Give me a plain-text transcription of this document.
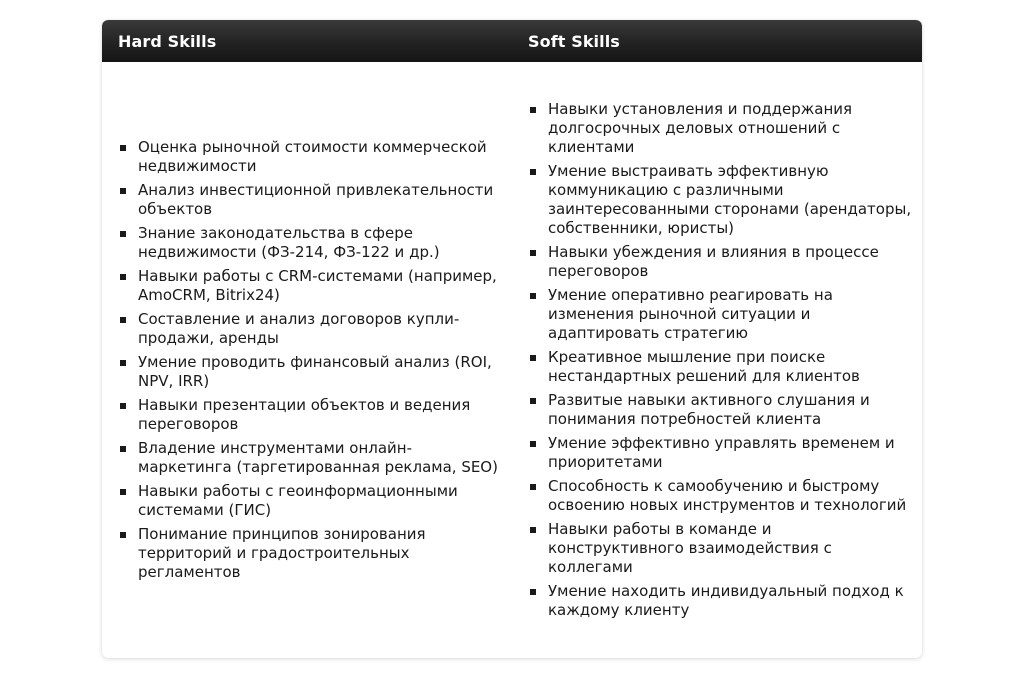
Hard Skills	Soft Skills
Оценка рыночной стоимости коммерческой недвижимости
Анализ инвестиционной привлекательности объектов
Знание законодательства в сфере недвижимости (ФЗ-214, ФЗ-122 и др.)
Навыки работы с CRM-системами (например, AmoCRM, Bitrix24)
Составление и анализ договоров купли-продажи, аренды
Умение проводить финансовый анализ (ROI, NPV, IRR)
Навыки презентации объектов и ведения переговоров
Владение инструментами онлайн-маркетинга (таргетированная реклама, SEO)
Навыки работы с геоинформационными системами (ГИС)
Понимание принципов зонирования территорий и градостроительных регламентов
Навыки установления и поддержания долгосрочных деловых отношений с клиентами
Умение выстраивать эффективную коммуникацию с различными заинтересованными сторонами (арендаторы, собственники, юристы)
Навыки убеждения и влияния в процессе переговоров
Умение оперативно реагировать на изменения рыночной ситуации и адаптировать стратегию
Креативное мышление при поиске нестандартных решений для клиентов
Развитые навыки активного слушания и понимания потребностей клиента
Умение эффективно управлять временем и приоритетами
Способность к самообучению и быстрому освоению новых инструментов и технологий
Навыки работы в команде и конструктивного взаимодействия с коллегами
Умение находить индивидуальный подход к каждому клиенту
